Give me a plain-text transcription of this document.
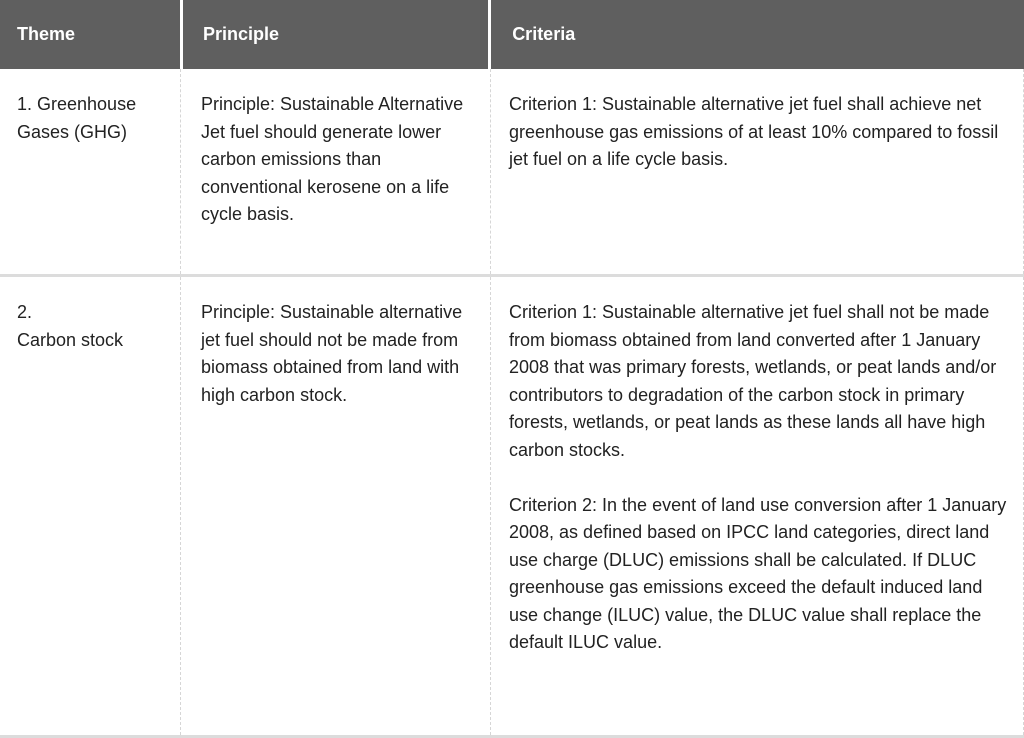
Theme	Principle	Criteria
1. Greenhouse Gases (GHG)
Principle: Sustainable Alternative Jet fuel should generate lower carbon emissions than conventional kerosene on a life cycle basis.
Criterion 1: Sustainable alternative jet fuel shall achieve net greenhouse gas emissions of at least 10% compared to fossil jet fuel on a life cycle basis.
2.
Carbon stock
Principle: Sustainable alternative jet fuel should not be made from biomass obtained from land with high carbon stock.
Criterion 1: Sustainable alternative jet fuel shall not be made from biomass obtained from land converted after 1 January 2008 that was primary forests, wetlands, or peat lands and/or contributors to degradation of the carbon stock in primary forests, wetlands, or peat lands as these lands all have high carbon stocks.
Criterion 2: In the event of land use conversion after 1 January 2008, as defined based on IPCC land categories, direct land use charge (DLUC) emissions shall be calculated. If DLUC greenhouse gas emissions exceed the default induced land use change (ILUC) value, the DLUC value shall replace the default ILUC value.
